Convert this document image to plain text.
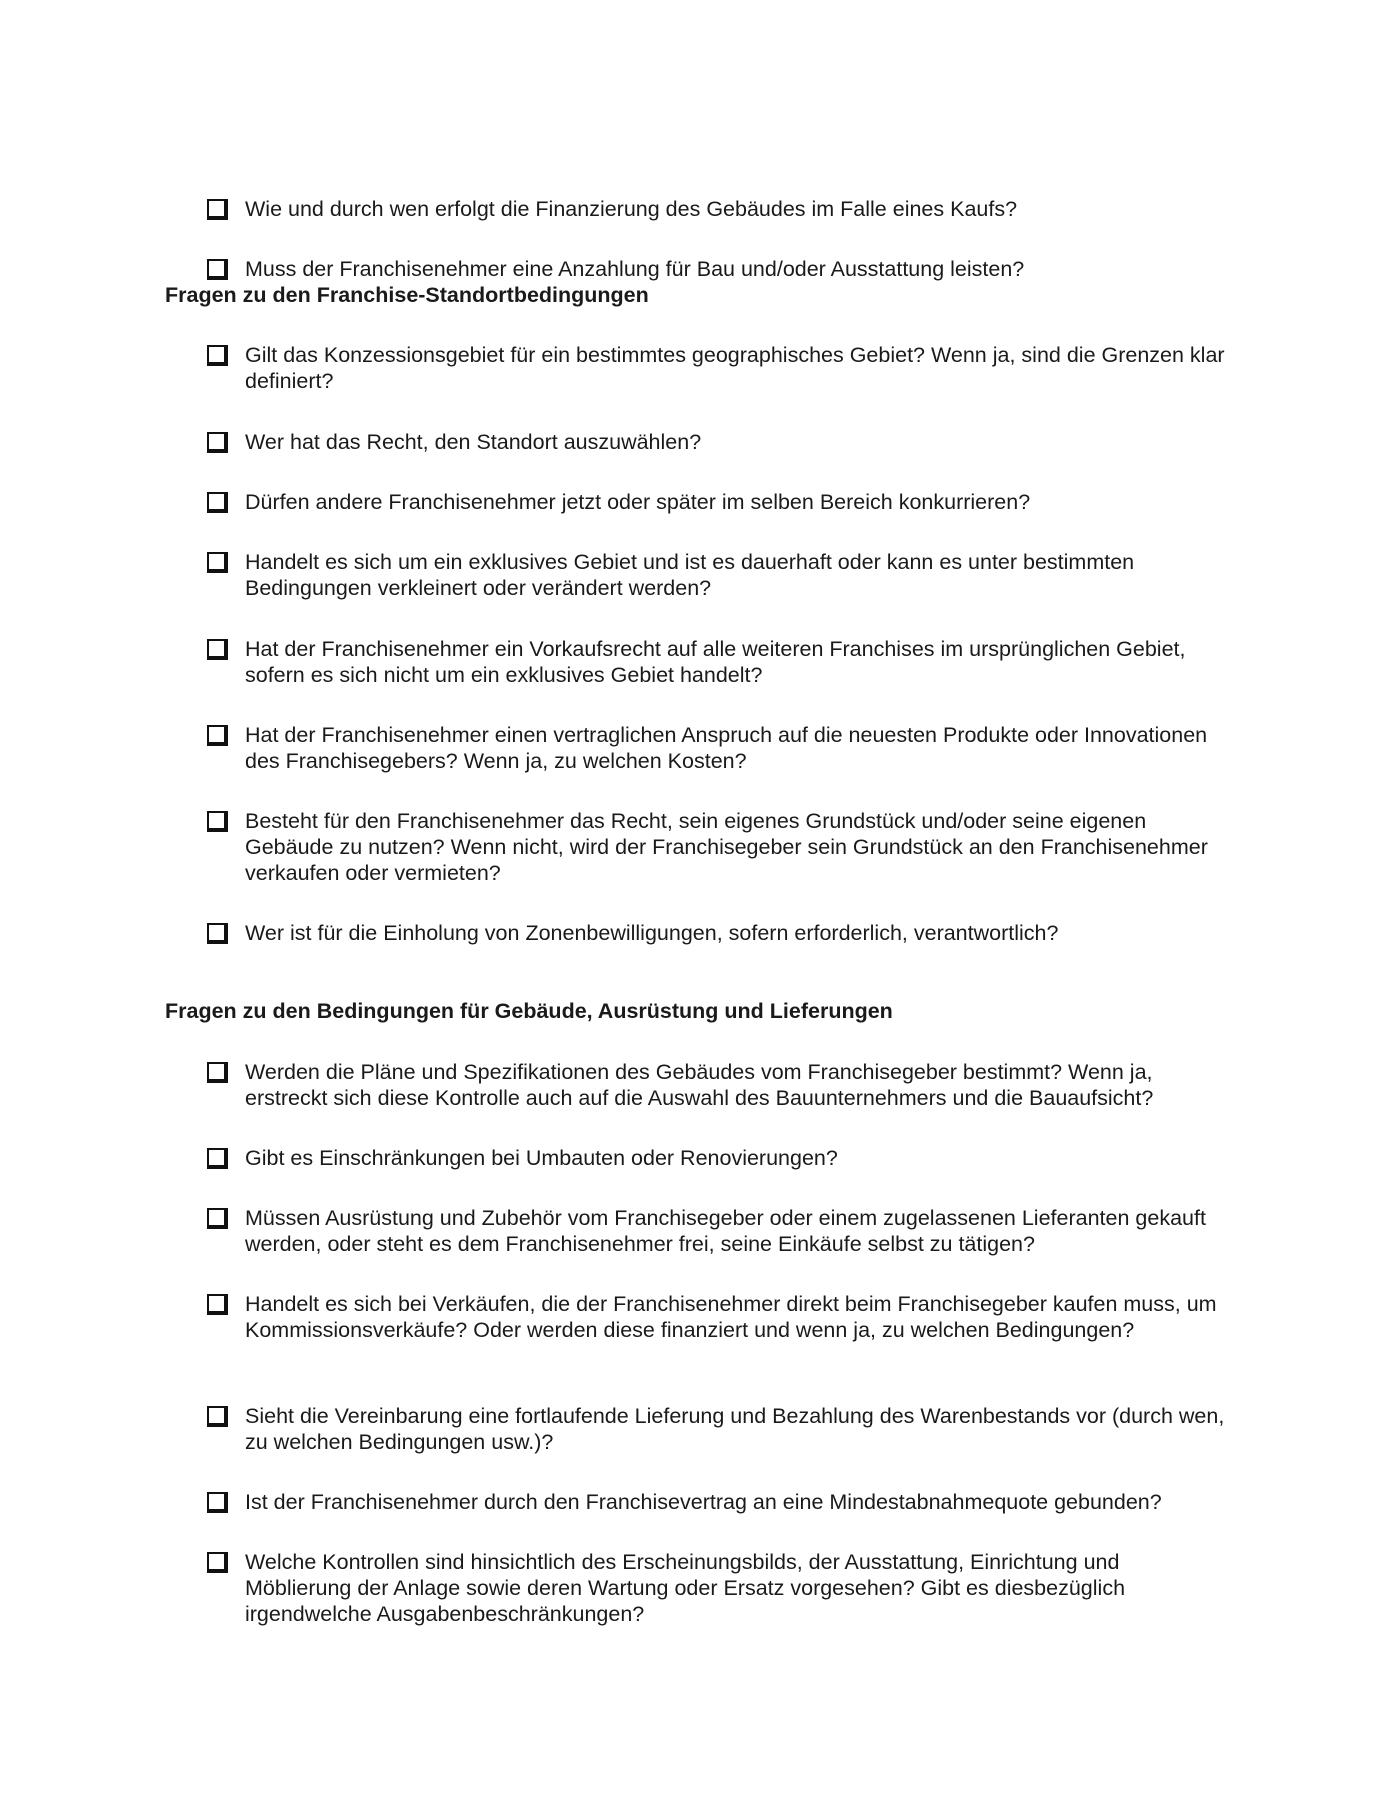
Wie und durch wen erfolgt die Finanzierung des Gebäudes im Falle eines Kaufs?
Muss der Franchisenehmer eine Anzahlung für Bau und/oder Ausstattung leisten?
Fragen zu den Franchise-Standortbedingungen
Gilt das Konzessionsgebiet für ein bestimmtes geographisches Gebiet? Wenn ja, sind die Grenzen klar definiert?
Wer hat das Recht, den Standort auszuwählen?
Dürfen andere Franchisenehmer jetzt oder später im selben Bereich konkurrieren?
Handelt es sich um ein exklusives Gebiet und ist es dauerhaft oder kann es unter bestimmten Bedingungen verkleinert oder verändert werden?
Hat der Franchisenehmer ein Vorkaufsrecht auf alle weiteren Franchises im ursprünglichen Gebiet, sofern es sich nicht um ein exklusives Gebiet handelt?
Hat der Franchisenehmer einen vertraglichen Anspruch auf die neuesten Produkte oder Innovationen des Franchisegebers? Wenn ja, zu welchen Kosten?
Besteht für den Franchisenehmer das Recht, sein eigenes Grundstück und/oder seine eigenen Gebäude zu nutzen? Wenn nicht, wird der Franchisegeber sein Grundstück an den Franchisenehmer verkaufen oder vermieten?
Wer ist für die Einholung von Zonenbewilligungen, sofern erforderlich, verantwortlich?
Fragen zu den Bedingungen für Gebäude, Ausrüstung und Lieferungen
Werden die Pläne und Spezifikationen des Gebäudes vom Franchisegeber bestimmt? Wenn ja, erstreckt sich diese Kontrolle auch auf die Auswahl des Bauunternehmers und die Bauaufsicht?
Gibt es Einschränkungen bei Umbauten oder Renovierungen?
Müssen Ausrüstung und Zubehör vom Franchisegeber oder einem zugelassenen Lieferanten gekauft werden, oder steht es dem Franchisenehmer frei, seine Einkäufe selbst zu tätigen?
Handelt es sich bei Verkäufen, die der Franchisenehmer direkt beim Franchisegeber kaufen muss, um Kommissionsverkäufe? Oder werden diese finanziert und wenn ja, zu welchen Bedingungen?
Sieht die Vereinbarung eine fortlaufende Lieferung und Bezahlung des Warenbestands vor (durch wen, zu welchen Bedingungen usw.)?
Ist der Franchisenehmer durch den Franchisevertrag an eine Mindestabnahmequote gebunden?
Welche Kontrollen sind hinsichtlich des Erscheinungsbilds, der Ausstattung, Einrichtung und Möblierung der Anlage sowie deren Wartung oder Ersatz vorgesehen? Gibt es diesbezüglich irgendwelche Ausgabenbeschränkungen?
